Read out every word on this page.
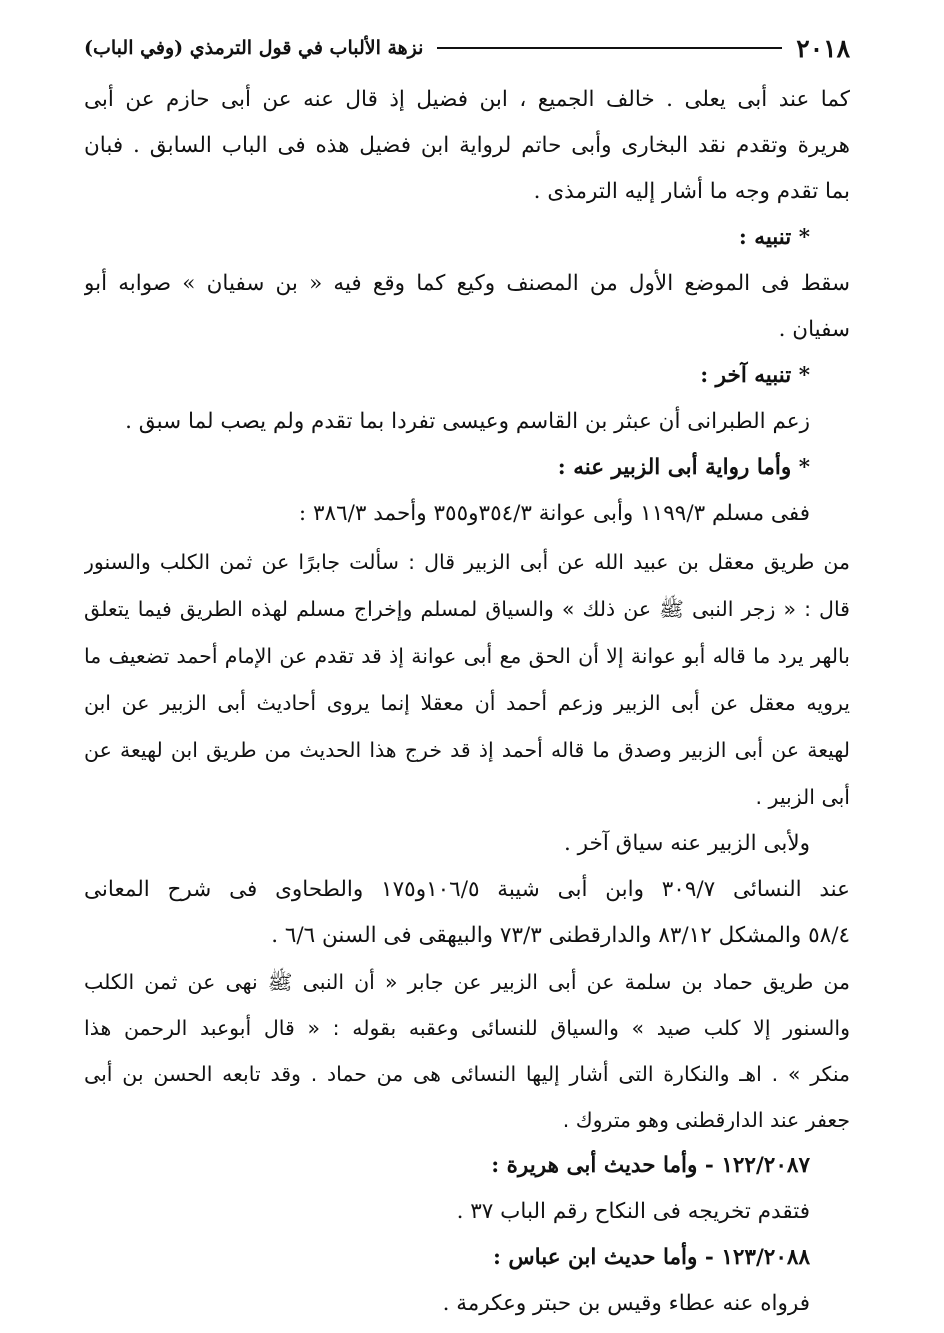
٢٠١٨
نزهة الألباب في قول الترمذي (وفي الباب)
كما عند أبى يعلى . خالف الجميع ، ابن فضيل إذ قال عنه عن أبى حازم عن أبى
هريرة وتقدم نقد البخارى وأبى حاتم لرواية ابن فضيل هذه فى الباب السابق . فبان
بما تقدم وجه ما أشار إليه الترمذى .
* تنبيه :
سقط فى الموضع الأول من المصنف وكيع كما وقع فيه « بن سفيان » صوابه أبو
سفيان .
* تنبيه آخر :
زعم الطبرانى أن عبثر بن القاسم وعيسى تفردا بما تقدم ولم يصب لما سبق .
* وأما رواية أبى الزبير عنه :
ففى مسلم ١١٩٩/٣ وأبى عوانة ٣٥٤/٣و٣٥٥ وأحمد ٣٨٦/٣ :
من طريق معقل بن عبيد الله عن أبى الزبير قال : سألت جابرًا عن ثمن الكلب والسنور
قال : « زجر النبى ﷺ عن ذلك » والسياق لمسلم وإخراج مسلم لهذه الطريق فيما يتعلق
بالهر يرد ما قاله أبو عوانة إلا أن الحق مع أبى عوانة إذ قد تقدم عن الإمام أحمد تضعيف ما
يرويه معقل عن أبى الزبير وزعم أحمد أن معقلا إنما يروى أحاديث أبى الزبير عن ابن
لهيعة عن أبى الزبير وصدق ما قاله أحمد إذ قد خرج هذا الحديث من طريق ابن لهيعة عن
أبى الزبير .
ولأبى الزبير عنه سياق آخر .
عند النسائى ٣٠٩/٧ وابن أبى شيبة ١٠٦/٥و١٧٥ والطحاوى فى شرح المعانى
٥٨/٤ والمشكل ٨٣/١٢ والدارقطنى ٧٣/٣ والبيهقى فى السنن ٦/٦ .
من طريق حماد بن سلمة عن أبى الزبير عن جابر « أن النبى ﷺ نهى عن ثمن الكلب
والسنور إلا كلب صيد » والسياق للنسائى وعقبه بقوله : « قال أبوعبد الرحمن هذا
منكر » . اهـ والنكارة التى أشار إليها النسائى هى من حماد . وقد تابعه الحسن بن أبى
جعفر عند الدارقطنى وهو متروك .
١٢٢/٢٠٨٧ - وأما حديث أبى هريرة :
فتقدم تخريجه فى النكاح رقم الباب ٣٧ .
١٢٣/٢٠٨٨ - وأما حديث ابن عباس :
فرواه عنه عطاء وقيس بن حبتر وعكرمة .
